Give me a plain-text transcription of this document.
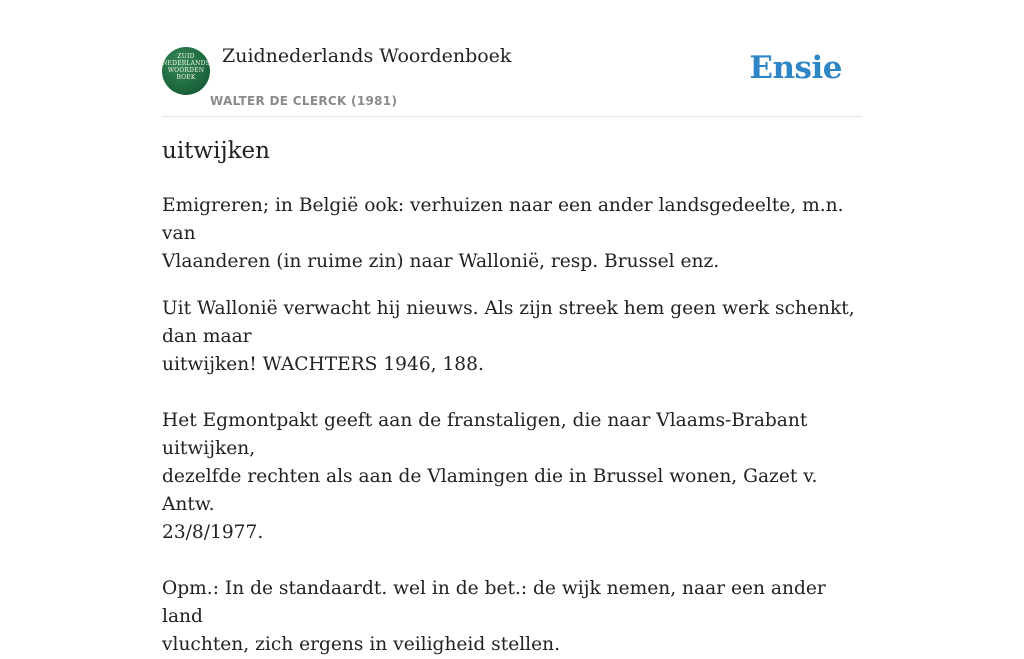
ZUID
NEDERLANDS
WOORDEN
BOEK
Zuidnederlands Woordenboek
WALTER DE CLERCK (1981)
Ensie
uitwijken

Emigreren; in België ook: verhuizen naar een ander landsgedeelte, m.n. van
Vlaanderen (in ruime zin) naar Wallonië, resp. Brussel enz.

Uit Wallonië verwacht hij nieuws. Als zijn streek hem geen werk schenkt, dan maar
uitwijken! WACHTERS 1946, 188.

Het Egmontpakt geeft aan de franstaligen, die naar Vlaams-Brabant uitwijken,
dezelfde rechten als aan de Vlamingen die in Brussel wonen, Gazet v. Antw.
23/8/1977.

Opm.: In de standaardt. wel in de bet.: de wijk nemen, naar een ander land
vluchten, zich ergens in veiligheid stellen.
